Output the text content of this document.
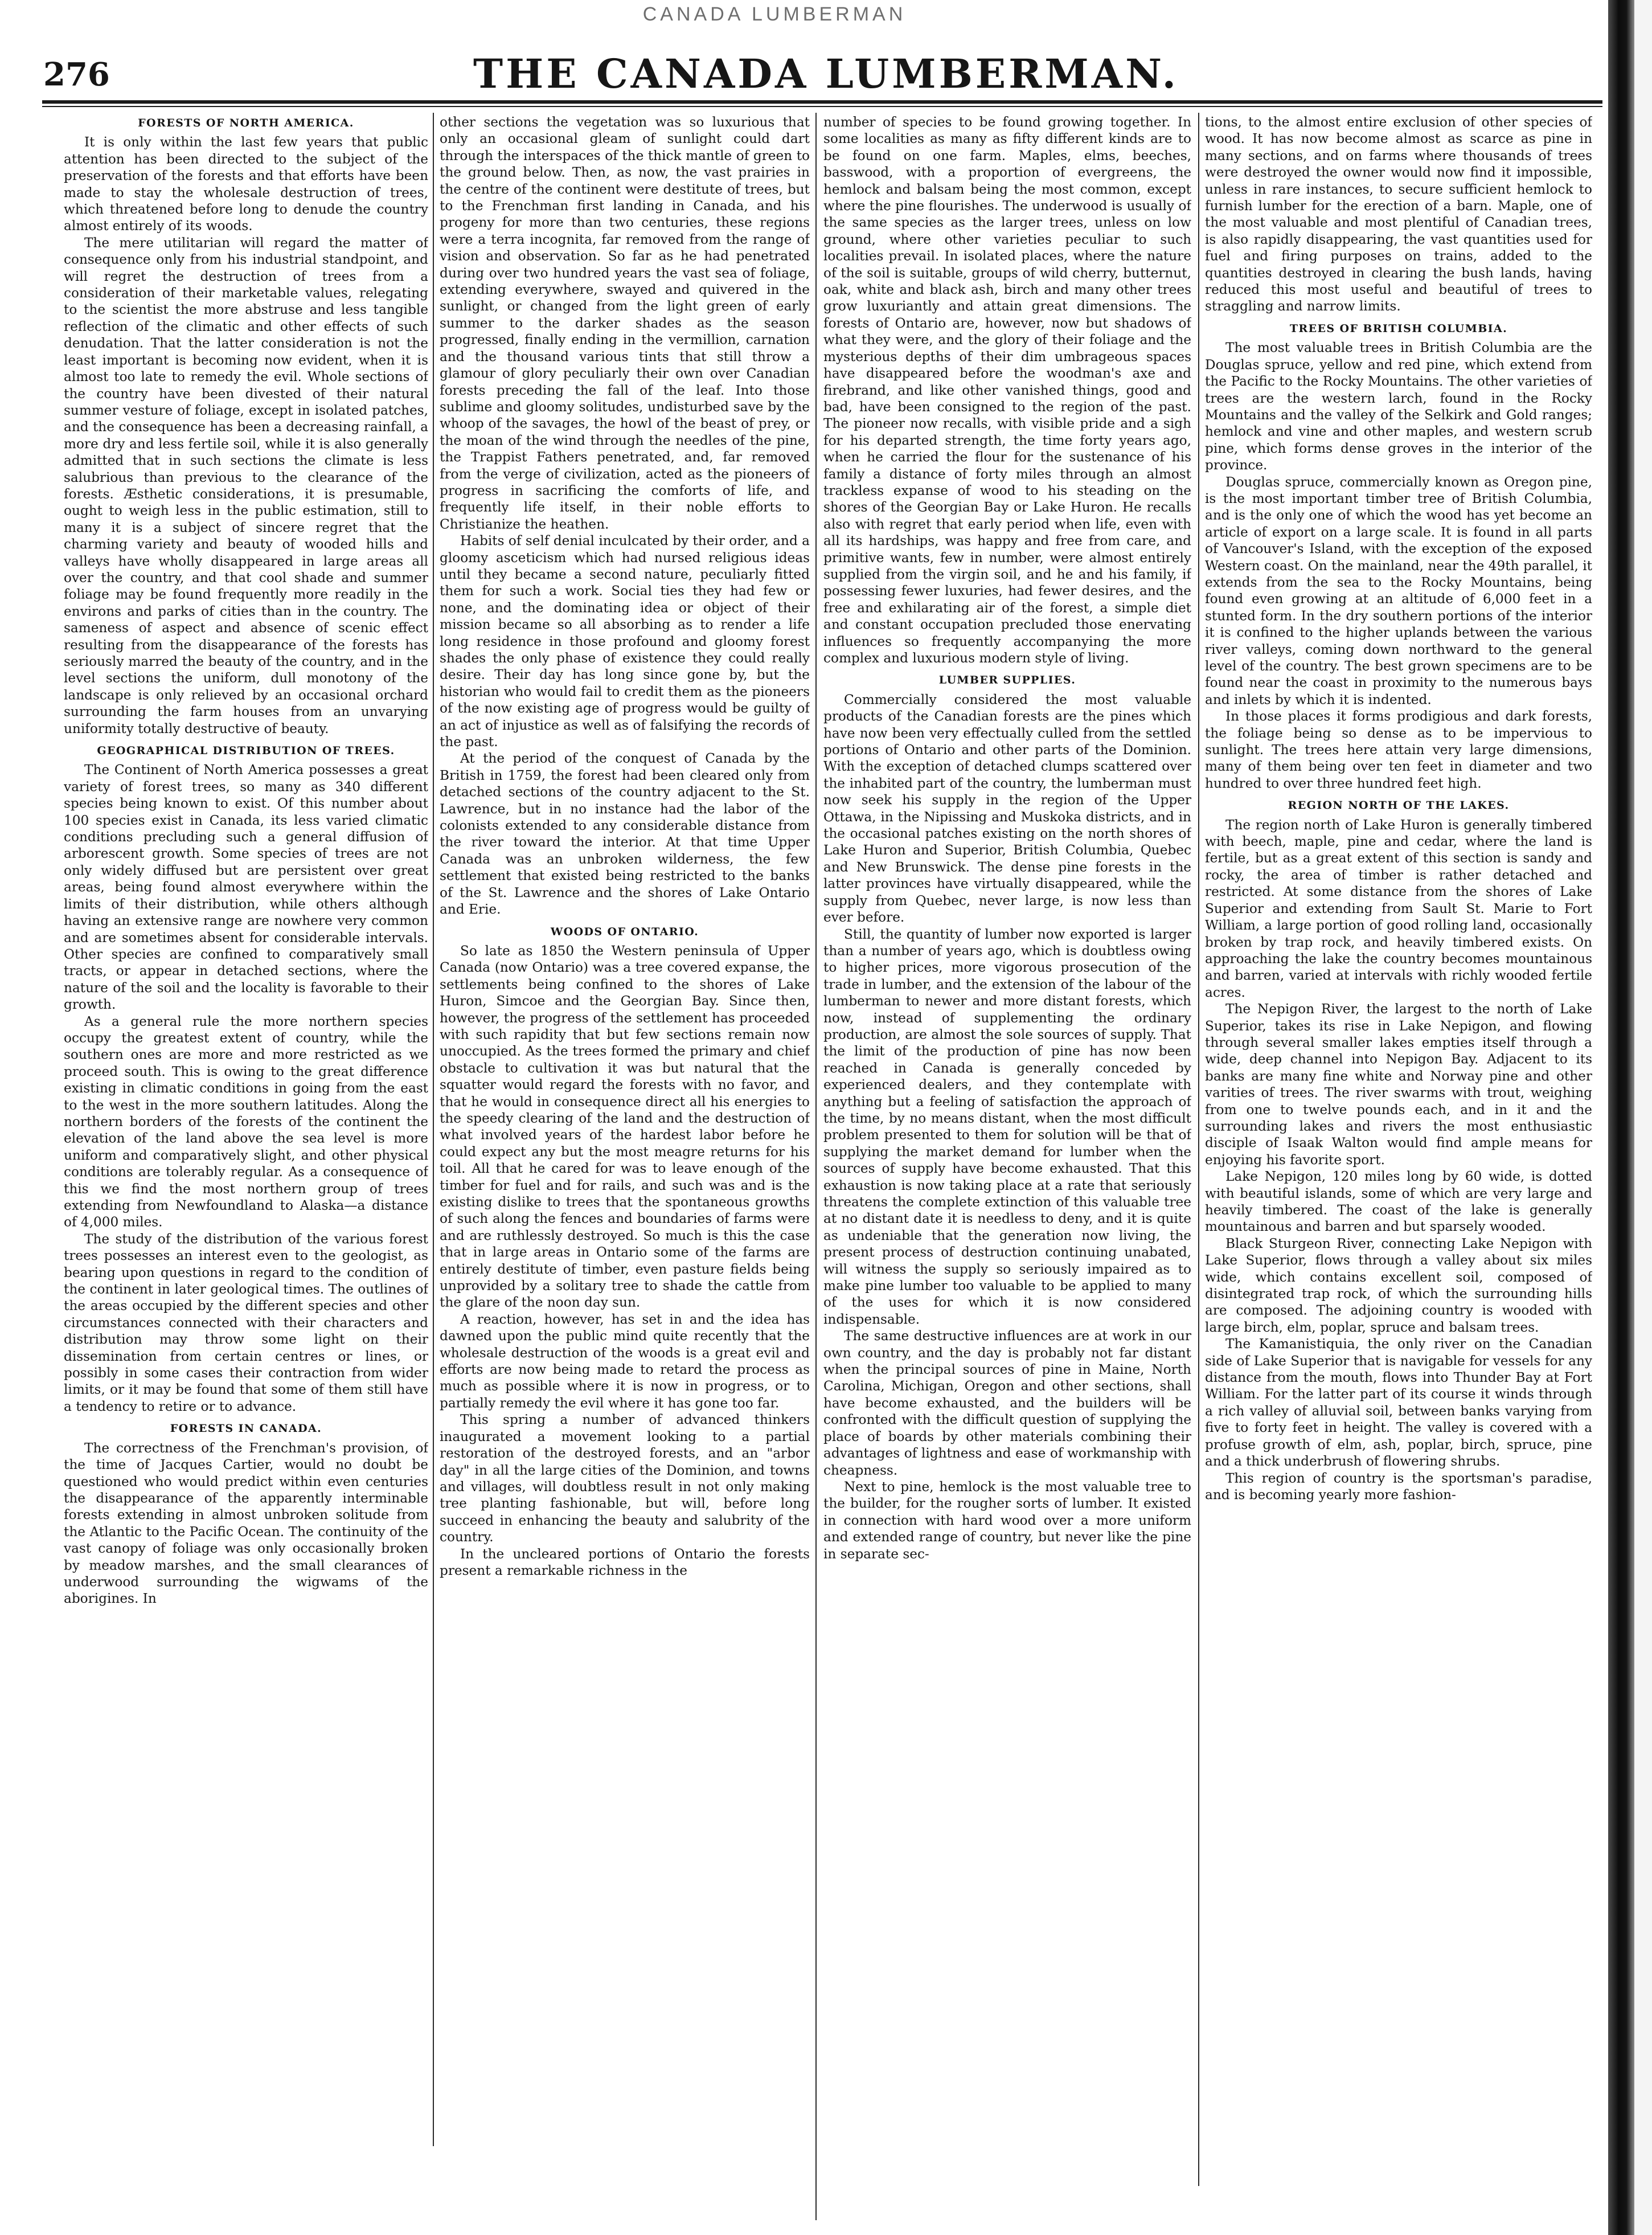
CANADA LUMBERMAN
276	THE CANADA LUMBERMAN.
FORESTS OF NORTH AMERICA.

It is only within the last few years that public attention has been directed to the subject of the preservation of the forests and that efforts have been made to stay the wholesale destruction of trees, which threatened before long to denude the country almost entirely of its woods.

The mere utilitarian will regard the matter of consequence only from his industrial standpoint, and will regret the destruction of trees from a consideration of their marketable values, relegating to the scientist the more abstruse and less tangible reflection of the climatic and other effects of such denudation. That the latter consideration is not the least important is becoming now evident, when it is almost too late to remedy the evil. Whole sections of the country have been divested of their natural summer vesture of foliage, except in isolated patches, and the consequence has been a decreasing rainfall, a more dry and less fertile soil, while it is also generally admitted that in such sections the climate is less salubrious than previous to the clearance of the forests. Æsthetic considerations, it is presumable, ought to weigh less in the public estimation, still to many it is a subject of sincere regret that the charming variety and beauty of wooded hills and valleys have wholly disappeared in large areas all over the country, and that cool shade and summer foliage may be found frequently more readily in the environs and parks of cities than in the country. The sameness of aspect and absence of scenic effect resulting from the disappearance of the forests has seriously marred the beauty of the country, and in the level sections the uniform, dull monotony of the landscape is only relieved by an occasional orchard surrounding the farm houses from an unvarying uniformity totally destructive of beauty.

GEOGRAPHICAL DISTRIBUTION OF TREES.

The Continent of North America possesses a great variety of forest trees, so many as 340 different species being known to exist. Of this number about 100 species exist in Canada, its less varied climatic conditions precluding such a general diffusion of arborescent growth. Some species of trees are not only widely diffused but are persistent over great areas, being found almost everywhere within the limits of their distribution, while others although having an extensive range are nowhere very common and are sometimes absent for considerable intervals. Other species are confined to comparatively small tracts, or appear in detached sections, where the nature of the soil and the locality is favorable to their growth.

As a general rule the more northern species occupy the greatest extent of country, while the southern ones are more and more restricted as we proceed south. This is owing to the great difference existing in climatic conditions in going from the east to the west in the more southern latitudes. Along the northern borders of the forests of the continent the elevation of the land above the sea level is more uniform and comparatively slight, and other physical conditions are tolerably regular. As a consequence of this we find the most northern group of trees extending from Newfoundland to Alaska—a distance of 4,000 miles.

The study of the distribution of the various forest trees possesses an interest even to the geologist, as bearing upon questions in regard to the condition of the continent in later geological times. The outlines of the areas occupied by the different species and other circumstances connected with their characters and distribution may throw some light on their dissemination from certain centres or lines, or possibly in some cases their contraction from wider limits, or it may be found that some of them still have a tendency to retire or to advance.

FORESTS IN CANADA.

The correctness of the Frenchman's provision, of the time of Jacques Cartier, would no doubt be questioned who would predict within even centuries the disappearance of the apparently interminable forests extending in almost unbroken solitude from the Atlantic to the Pacific Ocean. The continuity of the vast canopy of foliage was only occasionally broken by meadow marshes, and the small clearances of underwood surrounding the wigwams of the aborigines. In

other sections the vegetation was so luxurious that only an occasional gleam of sunlight could dart through the interspaces of the thick mantle of green to the ground below. Then, as now, the vast prairies in the centre of the continent were destitute of trees, but to the Frenchman first landing in Canada, and his progeny for more than two centuries, these regions were a terra incognita, far removed from the range of vision and observation. So far as he had penetrated during over two hundred years the vast sea of foliage, extending everywhere, swayed and quivered in the sunlight, or changed from the light green of early summer to the darker shades as the season progressed, finally ending in the vermillion, carnation and the thousand various tints that still throw a glamour of glory peculiarly their own over Canadian forests preceding the fall of the leaf. Into those sublime and gloomy solitudes, undisturbed save by the whoop of the savages, the howl of the beast of prey, or the moan of the wind through the needles of the pine, the Trappist Fathers penetrated, and, far removed from the verge of civilization, acted as the pioneers of progress in sacrificing the comforts of life, and frequently life itself, in their noble efforts to Christianize the heathen.

Habits of self denial inculcated by their order, and a gloomy asceticism which had nursed religious ideas until they became a second nature, peculiarly fitted them for such a work. Social ties they had few or none, and the dominating idea or object of their mission became so all absorbing as to render a life long residence in those profound and gloomy forest shades the only phase of existence they could really desire. Their day has long since gone by, but the historian who would fail to credit them as the pioneers of the now existing age of progress would be guilty of an act of injustice as well as of falsifying the records of the past.

At the period of the conquest of Canada by the British in 1759, the forest had been cleared only from detached sections of the country adjacent to the St. Lawrence, but in no instance had the labor of the colonists extended to any considerable distance from the river toward the interior. At that time Upper Canada was an unbroken wilderness, the few settlement that existed being restricted to the banks of the St. Lawrence and the shores of Lake Ontario and Erie.

WOODS OF ONTARIO.

So late as 1850 the Western peninsula of Upper Canada (now Ontario) was a tree covered expanse, the settlements being confined to the shores of Lake Huron, Simcoe and the Georgian Bay. Since then, however, the progress of the settlement has proceeded with such rapidity that but few sections remain now unoccupied. As the trees formed the primary and chief obstacle to cultivation it was but natural that the squatter would regard the forests with no favor, and that he would in consequence direct all his energies to the speedy clearing of the land and the destruction of what involved years of the hardest labor before he could expect any but the most meagre returns for his toil. All that he cared for was to leave enough of the timber for fuel and for rails, and such was and is the existing dislike to trees that the spontaneous growths of such along the fences and boundaries of farms were and are ruthlessly destroyed. So much is this the case that in large areas in Ontario some of the farms are entirely destitute of timber, even pasture fields being unprovided by a solitary tree to shade the cattle from the glare of the noon day sun.

A reaction, however, has set in and the idea has dawned upon the public mind quite recently that the wholesale destruction of the woods is a great evil and efforts are now being made to retard the process as much as possible where it is now in progress, or to partially remedy the evil where it has gone too far.

This spring a number of advanced thinkers inaugurated a movement looking to a partial restoration of the destroyed forests, and an "arbor day" in all the large cities of the Dominion, and towns and villages, will doubtless result in not only making tree planting fashionable, but will, before long succeed in enhancing the beauty and salubrity of the country.

In the uncleared portions of Ontario the forests present a remarkable richness in the

number of species to be found growing together. In some localities as many as fifty different kinds are to be found on one farm. Maples, elms, beeches, basswood, with a proportion of evergreens, the hemlock and balsam being the most common, except where the pine flourishes. The underwood is usually of the same species as the larger trees, unless on low ground, where other varieties peculiar to such localities prevail. In isolated places, where the nature of the soil is suitable, groups of wild cherry, butternut, oak, white and black ash, birch and many other trees grow luxuriantly and attain great dimensions. The forests of Ontario are, however, now but shadows of what they were, and the glory of their foliage and the mysterious depths of their dim umbrageous spaces have disappeared before the woodman's axe and firebrand, and like other vanished things, good and bad, have been consigned to the region of the past. The pioneer now recalls, with visible pride and a sigh for his departed strength, the time forty years ago, when he carried the flour for the sustenance of his family a distance of forty miles through an almost trackless expanse of wood to his steading on the shores of the Georgian Bay or Lake Huron. He recalls also with regret that early period when life, even with all its hardships, was happy and free from care, and primitive wants, few in number, were almost entirely supplied from the virgin soil, and he and his family, if possessing fewer luxuries, had fewer desires, and the free and exhilarating air of the forest, a simple diet and constant occupation precluded those enervating influences so frequently accompanying the more complex and luxurious modern style of living.

LUMBER SUPPLIES.

Commercially considered the most valuable products of the Canadian forests are the pines which have now been very effectually culled from the settled portions of Ontario and other parts of the Dominion. With the exception of detached clumps scattered over the inhabited part of the country, the lumberman must now seek his supply in the region of the Upper Ottawa, in the Nipissing and Muskoka districts, and in the occasional patches existing on the north shores of Lake Huron and Superior, British Columbia, Quebec and New Brunswick. The dense pine forests in the latter provinces have virtually disappeared, while the supply from Quebec, never large, is now less than ever before.

Still, the quantity of lumber now exported is larger than a number of years ago, which is doubtless owing to higher prices, more vigorous prosecution of the trade in lumber, and the extension of the labour of the lumberman to newer and more distant forests, which now, instead of supplementing the ordinary production, are almost the sole sources of supply. That the limit of the production of pine has now been reached in Canada is generally conceded by experienced dealers, and they contemplate with anything but a feeling of satisfaction the approach of the time, by no means distant, when the most difficult problem presented to them for solution will be that of supplying the market demand for lumber when the sources of supply have become exhausted. That this exhaustion is now taking place at a rate that seriously threatens the complete extinction of this valuable tree at no distant date it is needless to deny, and it is quite as undeniable that the generation now living, the present process of destruction continuing unabated, will witness the supply so seriously impaired as to make pine lumber too valuable to be applied to many of the uses for which it is now considered indispensable.

The same destructive influences are at work in our own country, and the day is probably not far distant when the principal sources of pine in Maine, North Carolina, Michigan, Oregon and other sections, shall have become exhausted, and the builders will be confronted with the difficult question of supplying the place of boards by other materials combining their advantages of lightness and ease of workmanship with cheapness.

Next to pine, hemlock is the most valuable tree to the builder, for the rougher sorts of lumber. It existed in connection with hard wood over a more uniform and extended range of country, but never like the pine in separate sec-

tions, to the almost entire exclusion of other species of wood. It has now become almost as scarce as pine in many sections, and on farms where thousands of trees were destroyed the owner would now find it impossible, unless in rare instances, to secure sufficient hemlock to furnish lumber for the erection of a barn. Maple, one of the most valuable and most plentiful of Canadian trees, is also rapidly disappearing, the vast quantities used for fuel and firing purposes on trains, added to the quantities destroyed in clearing the bush lands, having reduced this most useful and beautiful of trees to straggling and narrow limits.

TREES OF BRITISH COLUMBIA.

The most valuable trees in British Columbia are the Douglas spruce, yellow and red pine, which extend from the Pacific to the Rocky Mountains. The other varieties of trees are the western larch, found in the Rocky Mountains and the valley of the Selkirk and Gold ranges; hemlock and vine and other maples, and western scrub pine, which forms dense groves in the interior of the province.

Douglas spruce, commercially known as Oregon pine, is the most important timber tree of British Columbia, and is the only one of which the wood has yet become an article of export on a large scale. It is found in all parts of Vancouver's Island, with the exception of the exposed Western coast. On the mainland, near the 49th parallel, it extends from the sea to the Rocky Mountains, being found even growing at an altitude of 6,000 feet in a stunted form. In the dry southern portions of the interior it is confined to the higher uplands between the various river valleys, coming down northward to the general level of the country. The best grown specimens are to be found near the coast in proximity to the numerous bays and inlets by which it is indented.

In those places it forms prodigious and dark forests, the foliage being so dense as to be impervious to sunlight. The trees here attain very large dimensions, many of them being over ten feet in diameter and two hundred to over three hundred feet high.

REGION NORTH OF THE LAKES.

The region north of Lake Huron is generally timbered with beech, maple, pine and cedar, where the land is fertile, but as a great extent of this section is sandy and rocky, the area of timber is rather detached and restricted. At some distance from the shores of Lake Superior and extending from Sault St. Marie to Fort William, a large portion of good rolling land, occasionally broken by trap rock, and heavily timbered exists. On approaching the lake the country becomes mountainous and barren, varied at intervals with richly wooded fertile acres.

The Nepigon River, the largest to the north of Lake Superior, takes its rise in Lake Nepigon, and flowing through several smaller lakes empties itself through a wide, deep channel into Nepigon Bay. Adjacent to its banks are many fine white and Norway pine and other varities of trees. The river swarms with trout, weighing from one to twelve pounds each, and in it and the surrounding lakes and rivers the most enthusiastic disciple of Isaak Walton would find ample means for enjoying his favorite sport.

Lake Nepigon, 120 miles long by 60 wide, is dotted with beautiful islands, some of which are very large and heavily timbered. The coast of the lake is generally mountainous and barren and but sparsely wooded.

Black Sturgeon River, connecting Lake Nepigon with Lake Superior, flows through a valley about six miles wide, which contains excellent soil, composed of disintegrated trap rock, of which the surrounding hills are composed. The adjoining country is wooded with large birch, elm, poplar, spruce and balsam trees.

The Kamanistiquia, the only river on the Canadian side of Lake Superior that is navigable for vessels for any distance from the mouth, flows into Thunder Bay at Fort William. For the latter part of its course it winds through a rich valley of alluvial soil, between banks varying from five to forty feet in height. The valley is covered with a profuse growth of elm, ash, poplar, birch, spruce, pine and a thick underbrush of flowering shrubs.

This region of country is the sportsman's paradise, and is becoming yearly more fashion-
